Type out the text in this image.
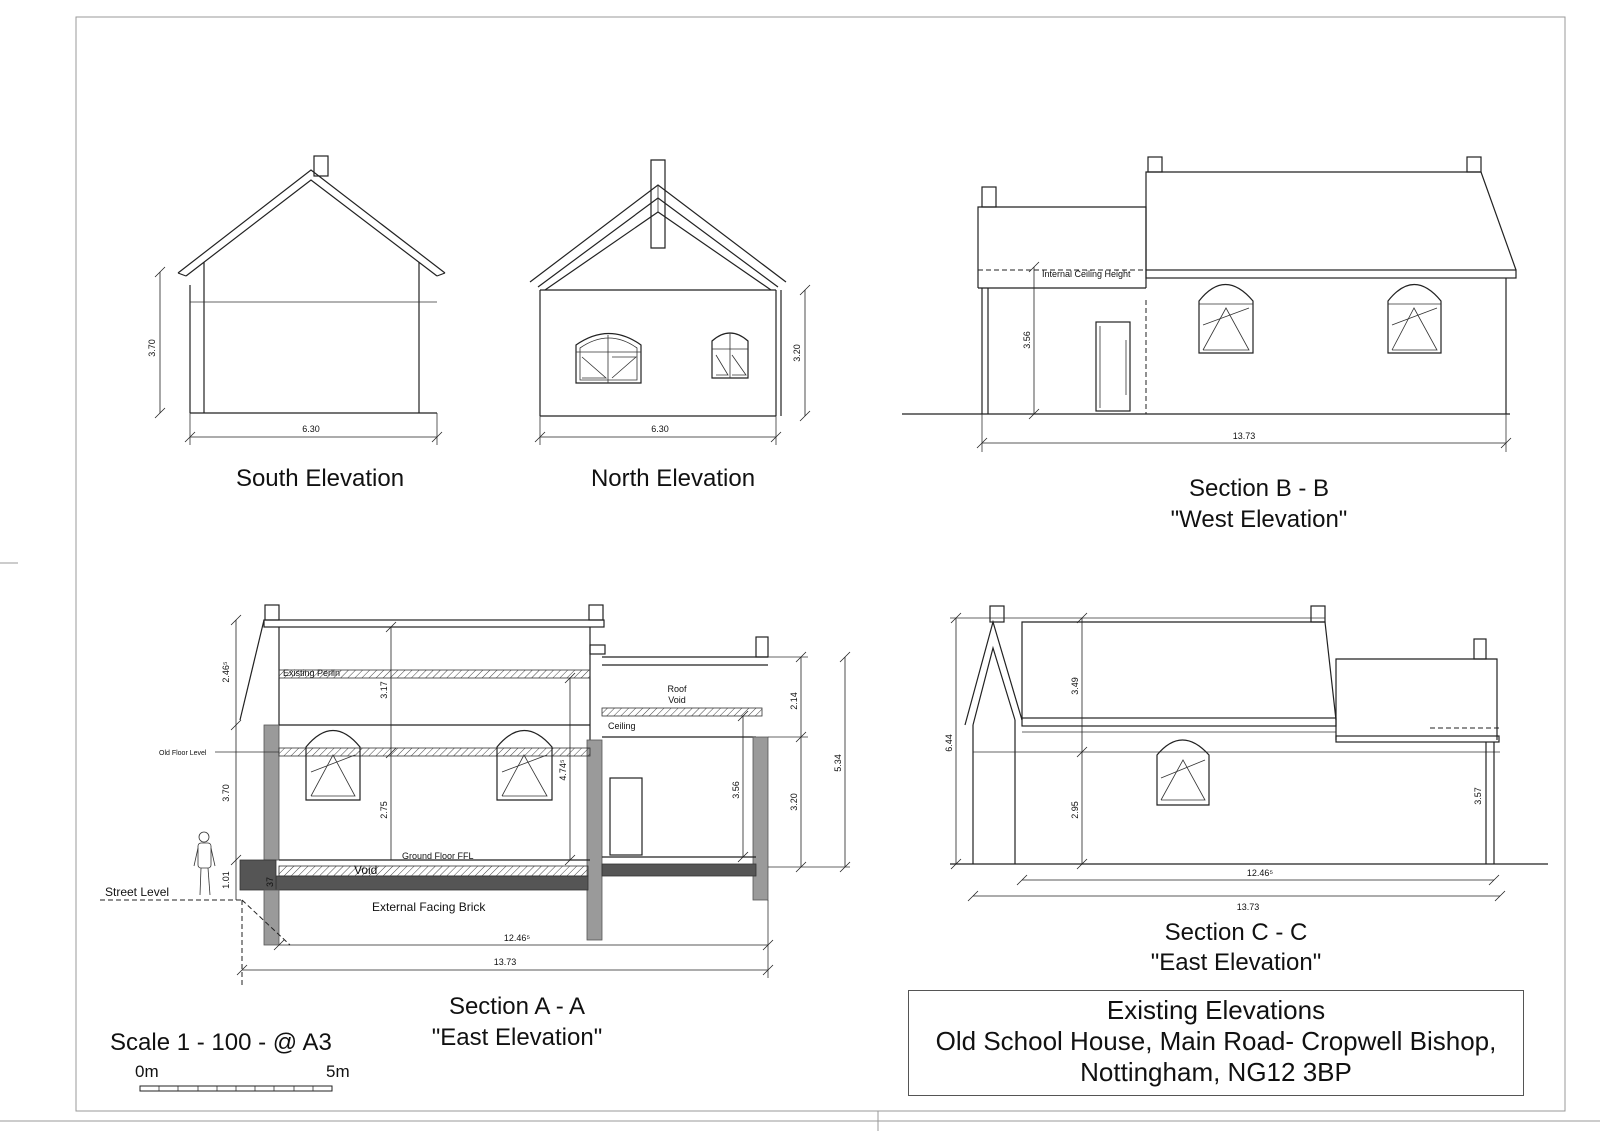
3.70
6.30
South Elevation
3.20
6.30
North Elevation
Internal Ceiling Height
3.56
13.73
Section B - B
"West Elevation"
Existing Perlin
Old Floor Level
Ground Floor FFL
Void
Roof
Void
Ceiling
External Facing Brick
Street Level
2.46⁵
3.70
1.01	37
3.17
2.75
4.74⁵
3.56
2.14
3.20
5.34
12.46⁵
13.73
Section A - A
"East Elevation"
6.44
3.49
2.95
3.57
12.46⁵
13.73
Section C - C
"East Elevation"
Scale 1 - 100 - @ A3
0m	5m
Existing Elevations
Old School House, Main Road- Cropwell Bishop,
Nottingham, NG12 3BP
